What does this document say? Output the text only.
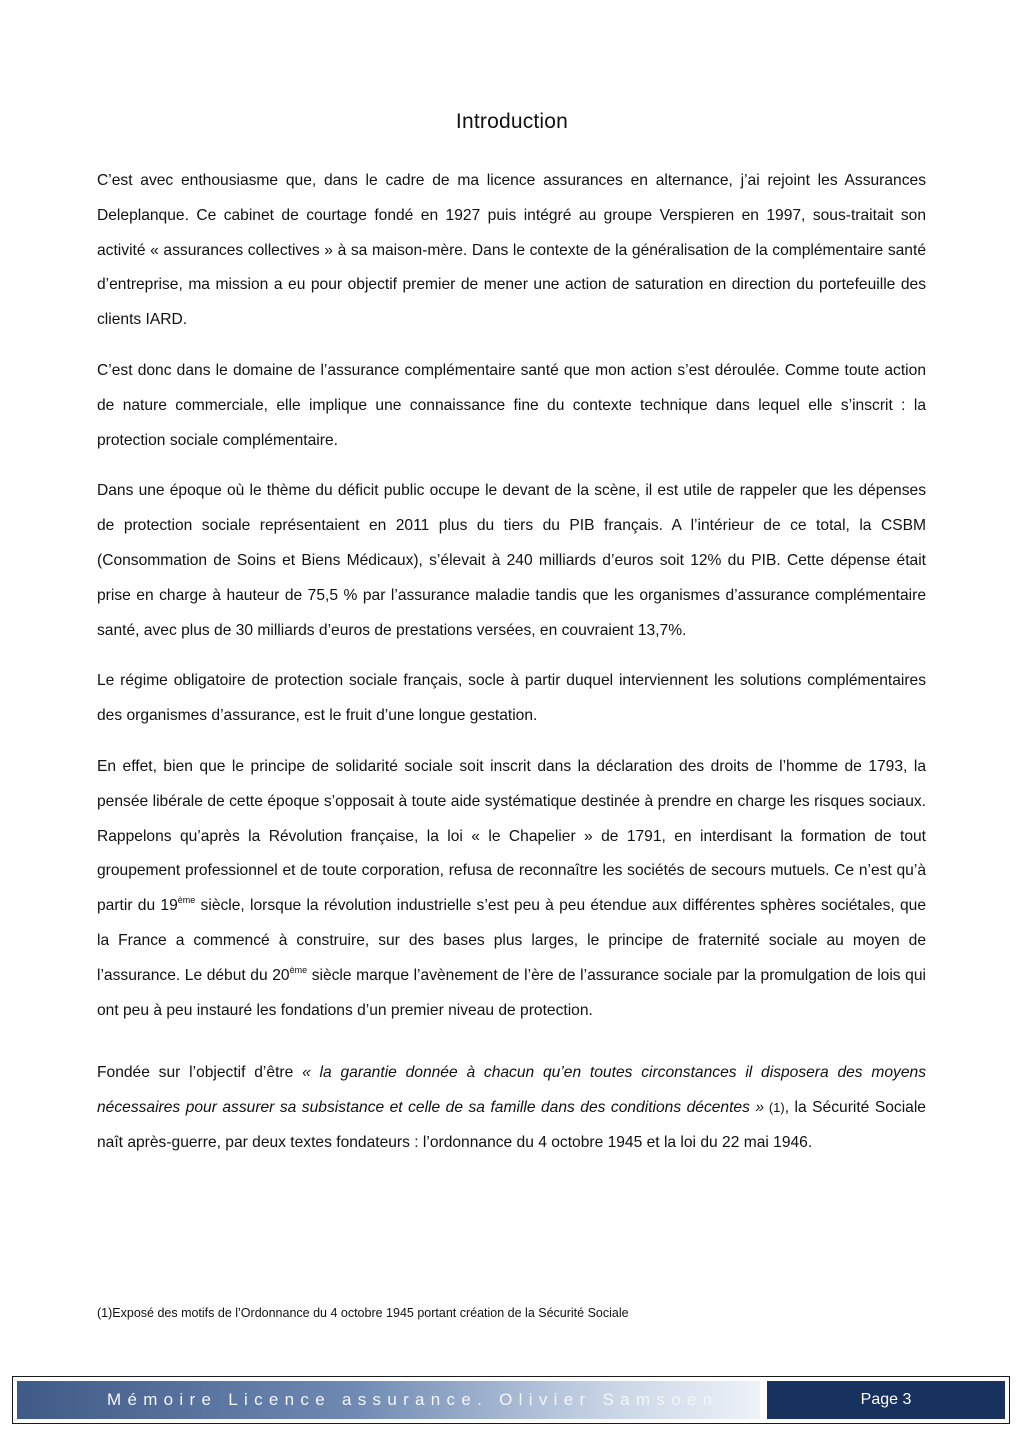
Introduction

C’est avec enthousiasme que, dans le cadre de ma licence assurances en alternance, j’ai rejoint les Assurances Deleplanque. Ce cabinet de courtage fondé en 1927 puis intégré au groupe Verspieren en 1997, sous-traitait son activité « assurances collectives » à sa maison-mère. Dans le contexte de la généralisation de la complémentaire santé d’entreprise, ma mission a eu pour objectif premier de mener une action de saturation en direction du portefeuille des clients IARD.

C’est donc dans le domaine de l’assurance complémentaire santé que mon action s’est déroulée. Comme toute action de nature commerciale, elle implique une connaissance fine du contexte technique dans lequel elle s’inscrit : la protection sociale complémentaire.

Dans une époque où le thème du déficit public occupe le devant de la scène, il est utile de rappeler que les dépenses de protection sociale représentaient en 2011 plus du tiers du PIB français. A l’intérieur de ce total, la CSBM (Consommation de Soins et Biens Médicaux), s’élevait à 240 milliards d’euros soit 12% du PIB. Cette dépense était prise en charge à hauteur de 75,5 % par l’assurance maladie tandis que les organismes d’assurance complémentaire santé, avec plus de 30 milliards d’euros de prestations versées, en couvraient 13,7%.

Le régime obligatoire de protection sociale français, socle à partir duquel interviennent les solutions complémentaires des organismes d’assurance, est le fruit d’une longue gestation.

En effet, bien que le principe de solidarité sociale soit inscrit dans la déclaration des droits de l’homme de 1793, la pensée libérale de cette époque s’opposait à toute aide systématique destinée à prendre en charge les risques sociaux. Rappelons qu’après la Révolution française, la loi « le Chapelier » de 1791, en interdisant la formation de tout groupement professionnel et de toute corporation, refusa de reconnaître les sociétés de secours mutuels. Ce n’est qu’à partir du 19ème siècle, lorsque la révolution industrielle s’est peu à peu étendue aux différentes sphères sociétales, que la France a commencé à construire, sur des bases plus larges, le principe de fraternité sociale au moyen de l’assurance. Le début du 20ème siècle marque l’avènement de l’ère de l’assurance sociale par la promulgation de lois qui ont peu à peu instauré les fondations d’un premier niveau de protection.

Fondée sur l’objectif d’être « la garantie donnée à chacun qu’en toutes circonstances il disposera des moyens nécessaires pour assurer sa subsistance et celle de sa famille dans des conditions décentes » (1), la Sécurité Sociale naît après-guerre, par deux textes fondateurs : l’ordonnance du 4 octobre 1945 et la loi du 22 mai 1946.

(1)Exposé des motifs de l’Ordonnance du 4 octobre 1945 portant création de la Sécurité Sociale
Mémoire Licence assurance. Olivier Samsoen	Page 3
